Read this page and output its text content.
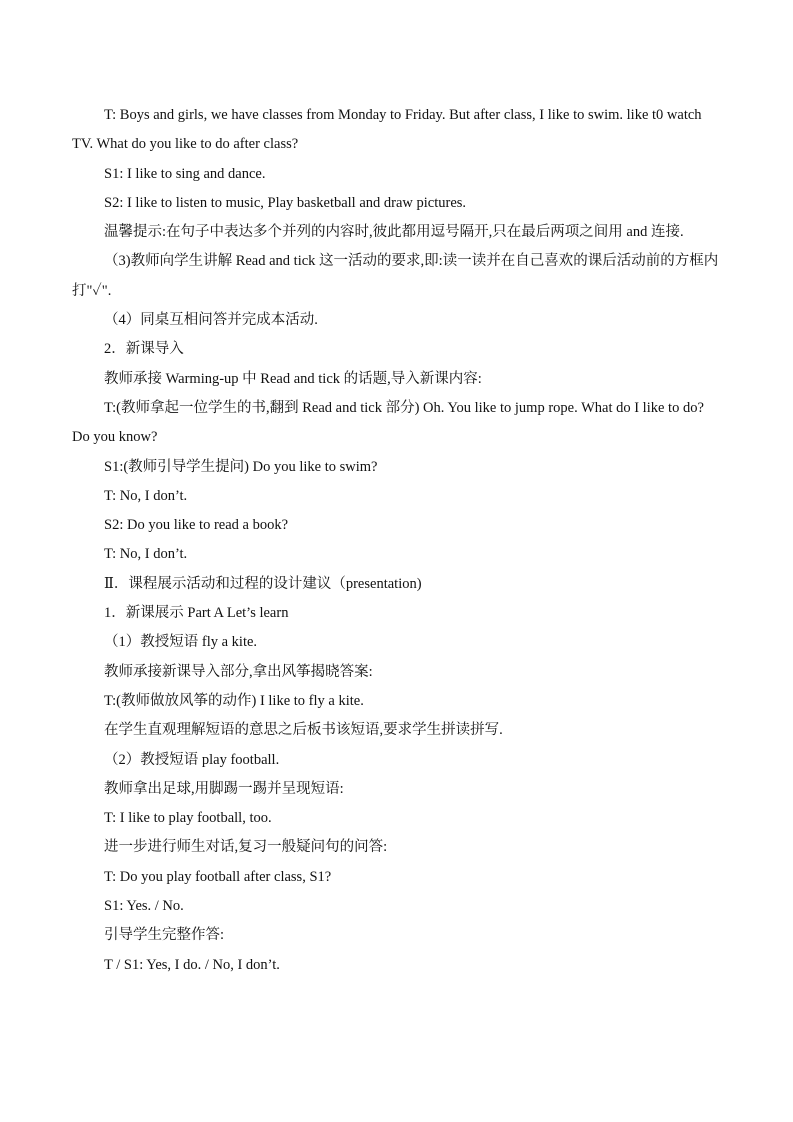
T: Boys and girls, we have classes from Monday to Friday. But after class, I like to swim. like t0 watch TV. What do you like to do after class?

S1: I like to sing and dance.

S2: I like to listen to music, Play basketball and draw pictures.

温馨提示:在句子中表达多个并列的内容时,彼此都用逗号隔开,只在最后两项之间用 and 连接.

（3)教师向学生讲解 Read and tick 这一活动的要求,即:读一读并在自己喜欢的课后活动前的方框内打"✓".

（4）同桌互相问答并完成本活动.

2．新课导入

教师承接 Warming-up 中 Read and tick 的话题,导入新课内容:

T:(教师拿起一位学生的书,翻到 Read and tick 部分) Oh. You like to jump rope. What do I like to do? Do you know?

S1:(教师引导学生提问) Do you like to swim?

T: No, I don’t.

S2: Do you like to read a book?

T: No, I don’t.

Ⅱ．课程展示活动和过程的设计建议（presentation)

1．新课展示 Part A Let’s learn

（1）教授短语 fly a kite.

教师承接新课导入部分,拿出风筝揭晓答案:

T:(教师做放风筝的动作) I like to fly a kite.

在学生直观理解短语的意思之后板书该短语,要求学生拼读拼写.

（2）教授短语 play football.

教师拿出足球,用脚踢一踢并呈现短语:

T: I like to play football, too.

进一步进行师生对话,复习一般疑问句的问答:

T: Do you play football after class, S1?

S1: Yes. / No.

引导学生完整作答:

T / S1: Yes, I do. / No, I don’t.
